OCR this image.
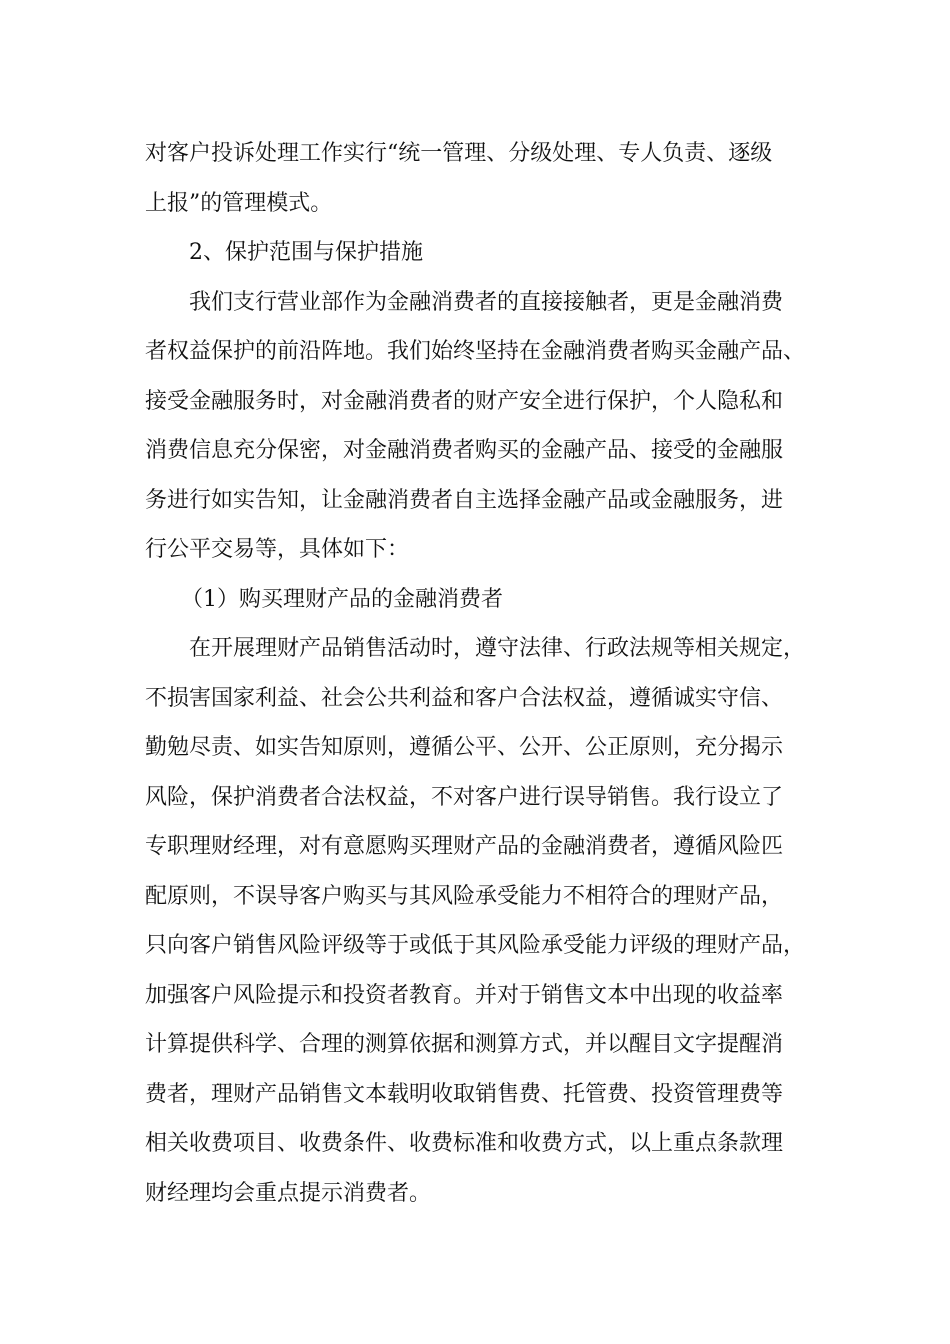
对客户投诉处理工作实行“统一管理、分级处理、专人负责、逐级
上报”的管理模式。
2、保护范围与保护措施
我们支行营业部作为金融消费者的直接接触者，更是金融消费
者权益保护的前沿阵地。我们始终坚持在金融消费者购买金融产品、
接受金融服务时，对金融消费者的财产安全进行保护，个人隐私和
消费信息充分保密，对金融消费者购买的金融产品、接受的金融服
务进行如实告知，让金融消费者自主选择金融产品或金融服务，进
行公平交易等，具体如下：
（1）购买理财产品的金融消费者
在开展理财产品销售活动时，遵守法律、行政法规等相关规定，
不损害国家利益、社会公共利益和客户合法权益，遵循诚实守信、
勤勉尽责、如实告知原则，遵循公平、公开、公正原则，充分揭示
风险，保护消费者合法权益，不对客户进行误导销售。我行设立了
专职理财经理，对有意愿购买理财产品的金融消费者，遵循风险匹
配原则，不误导客户购买与其风险承受能力不相符合的理财产品，
只向客户销售风险评级等于或低于其风险承受能力评级的理财产品，
加强客户风险提示和投资者教育。并对于销售文本中出现的收益率
计算提供科学、合理的测算依据和测算方式，并以醒目文字提醒消
费者，理财产品销售文本载明收取销售费、托管费、投资管理费等
相关收费项目、收费条件、收费标准和收费方式，以上重点条款理
财经理均会重点提示消费者。
